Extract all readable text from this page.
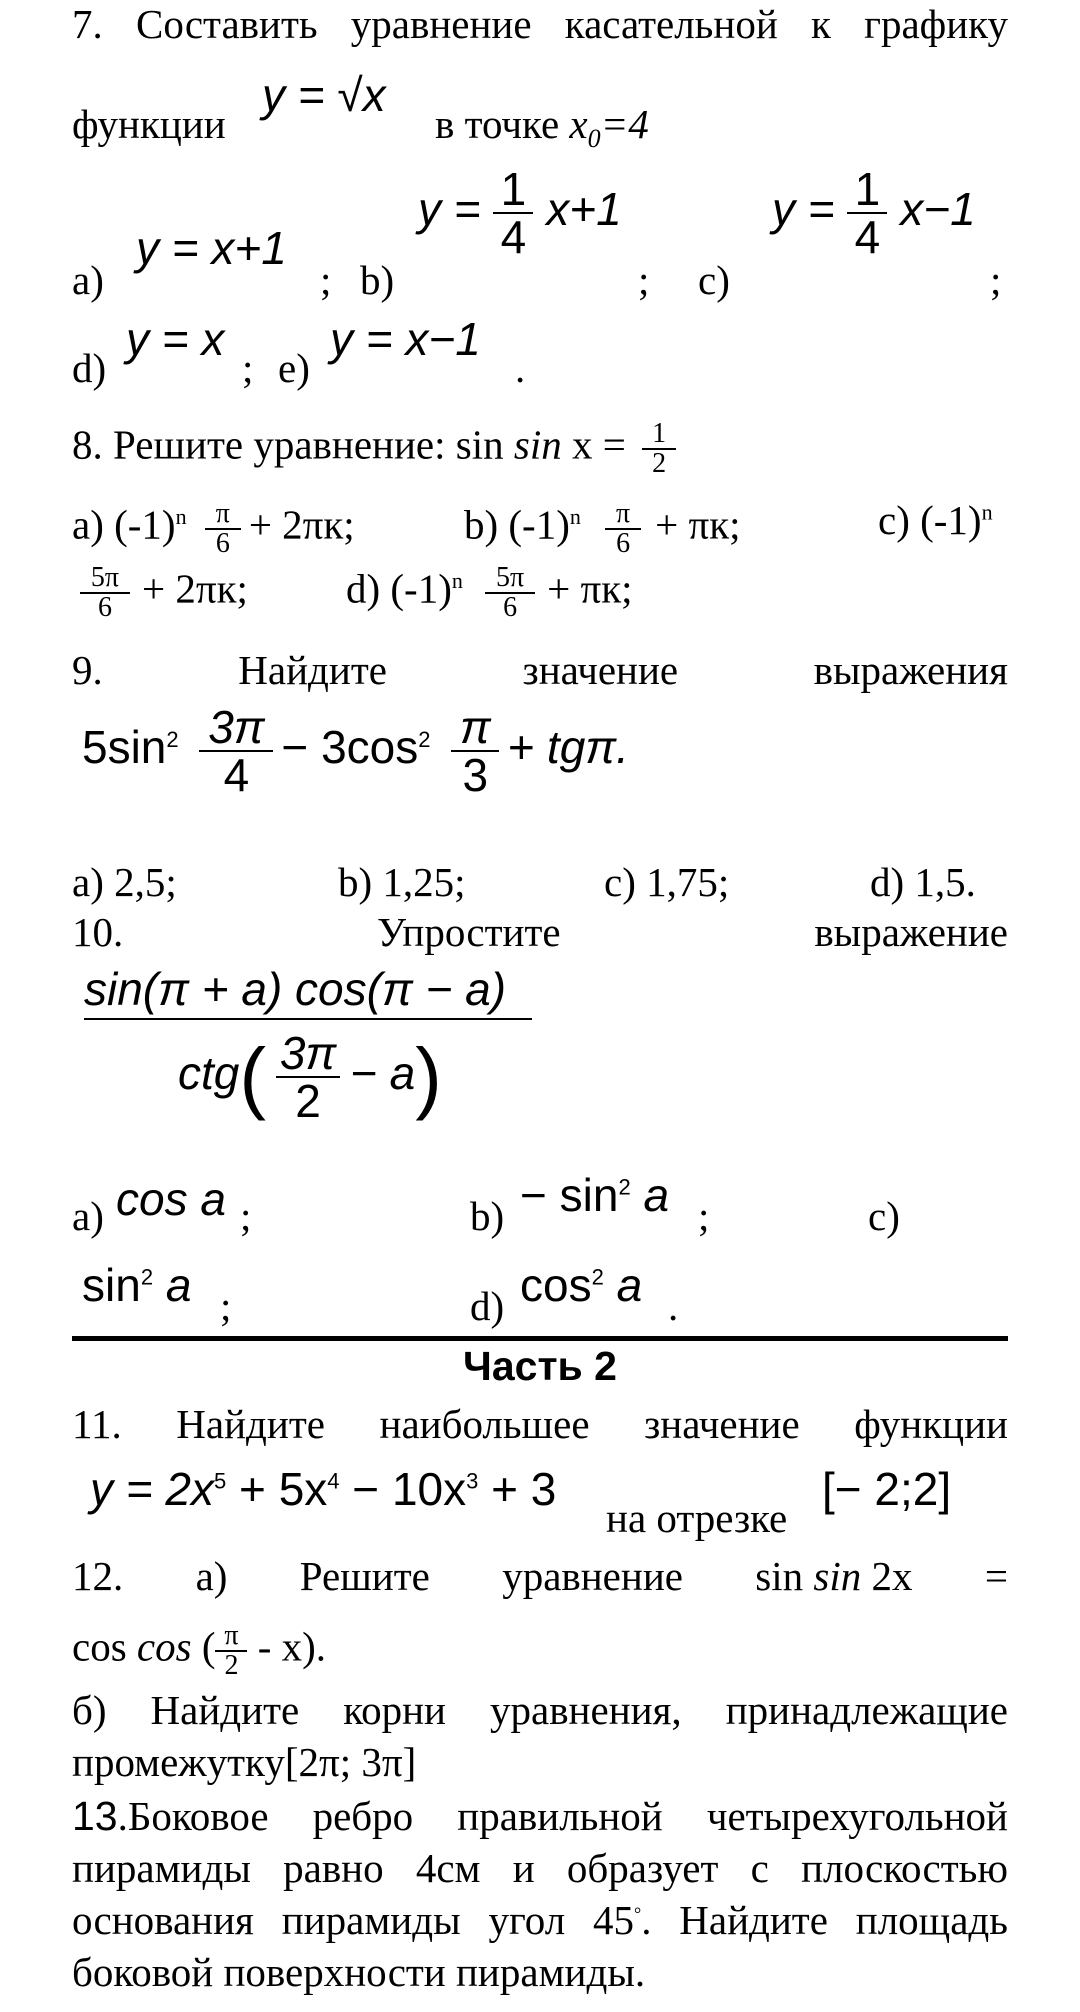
7. Составить уравнение касательной к графику
функции
y = √x
в точке $x_0=4$
a)
y = x+1
; b)
$y = \frac{1}{4} x+1$
; c)
$y = \frac{1}{4} x-1$
;
d)
y = x
; e)
y = x−1
.
8. Решите уравнение: $\sin \sin x = \frac{1}{2}$
a) $(-1)^n \frac{\pi}{6} + 2\pi к$;	b) $(-1)^n \frac{\pi}{6} + \pi к$;	c) $(-1)^n$
$\frac{5\pi}{6} + 2\pi к$; d) $(-1)^n \frac{5\pi}{6} + \pi к$;
9.	Найдите	значение	выражения
$5\sin^2 \frac{3\pi}{4} - 3\cos^2 \frac{\pi}{3} + tg\pi$.
a) 2,5;	b) 1,25;	c) 1,75;	d) 1,5.
10.	Упростите	выражение
sin(π + a) cos(π − a)
$ctg( \frac{3\pi}{2} - a)$
a) cos a ;	$b) - \sin^2 a$ ;	c)
$\sin^2 a$ ;	d) $\cos^2 a$ .
Часть 2
11. Найдите наибольшее значение функции
$y = 2x^5 + 5x^4 - 10x^3 + 3$
на отрезке
[− 2;2]
12. а) Решите уравнение sin sin 2x =
cos cos ( $\frac{\pi}{2} - x$).
б) Найдите корни уравнения, принадлежащие
промежутку[2π; 3π]
13.Боковое ребро правильной четырехугольной
пирамиды равно 4см и образует с плоскостью
основания пирамиды угол 45°. Найдите площадь
боковой поверхности пирамиды.
